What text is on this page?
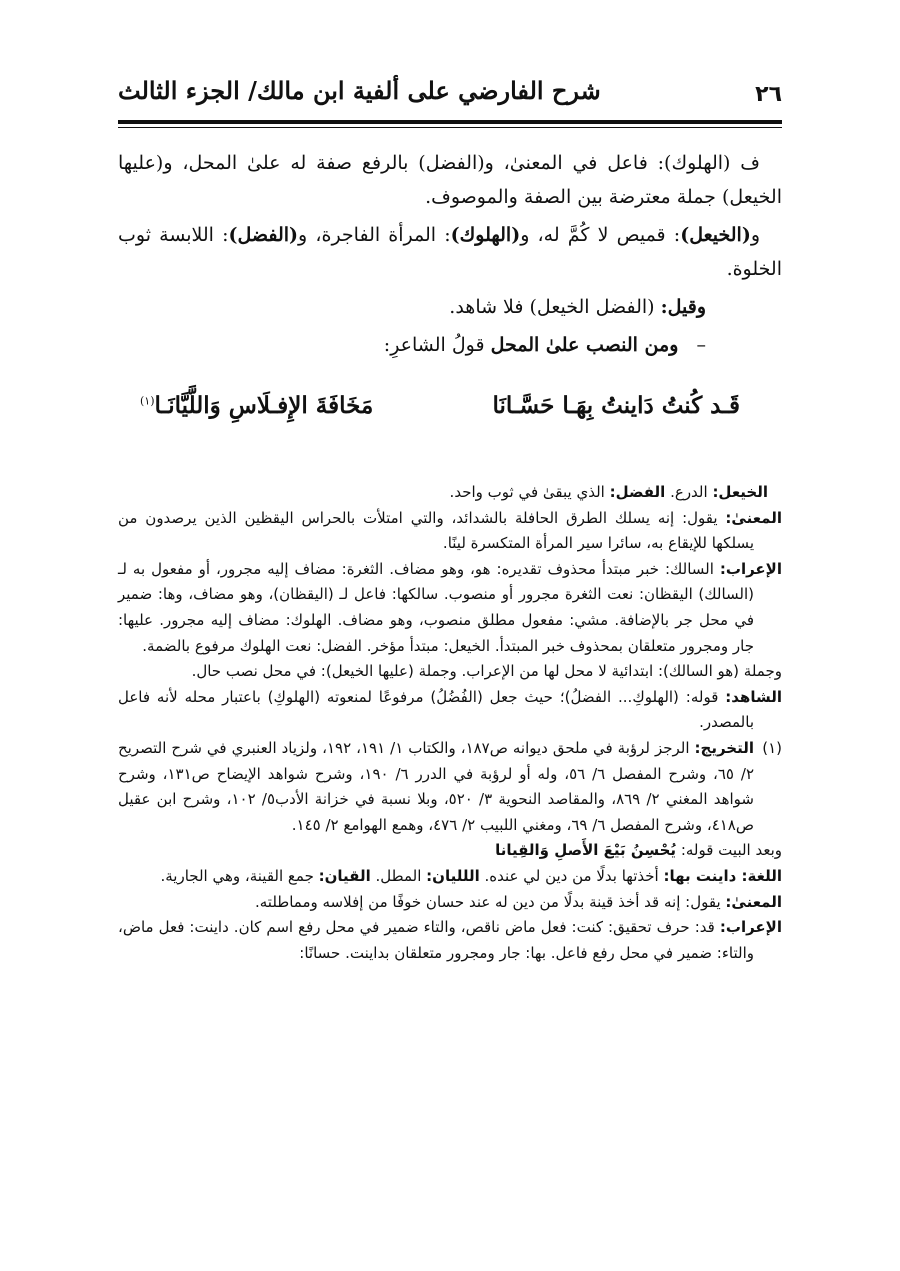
٢٦
شرح الفارضي على ألفية ابن مالك/ الجزء الثالث

ف (الهلوك): فاعل في المعنىٰ، و(الفضل) بالرفع صفة له علىٰ المحل، و(عليها الخيعل) جملة معترضة بين الصفة والموصوف.

و(الخيعل): قميص لا كُمَّ له، و(الهلوك): المرأة الفاجرة، و(الفضل): اللابسة ثوب الخلوة.

وقيل: (الفضل الخيعل) فلا شاهد.

–   ومن النصب علىٰ المحل قولُ الشاعرِ:

قَـد كُنتُ دَاينتُ بِهَـا حَسَّـانَا
مَخَافَةَ الإِفـلَاسِ وَاللَّيَّانَـا$^{(١)}$

الخيعل: الدرع. الفضل: الذي يبقىٰ في ثوب واحد.

المعنىٰ: يقول: إنه يسلك الطرق الحافلة بالشدائد، والتي امتلأت بالحراس اليقظين الذين يرصدون من يسلكها للإيقاع به، سائرا سير المرأة المتكسرة لينًا.

الإعراب: السالك: خبر مبتدأ محذوف تقديره: هو، وهو مضاف. الثغرة: مضاف إليه مجرور، أو مفعول به لـ (السالك) اليقظان: نعت الثغرة مجرور أو منصوب. سالكها: فاعل لـ (اليقظان)، وهو مضاف، وها: ضمير في محل جر بالإضافة. مشي: مفعول مطلق منصوب، وهو مضاف. الهلوك: مضاف إليه مجرور. عليها: جار ومجرور متعلقان بمحذوف خبر المبتدأ. الخيعل: مبتدأ مؤخر. الفضل: نعت الهلوك مرفوع بالضمة.

وجملة (هو السالك): ابتدائية لا محل لها من الإعراب. وجملة (عليها الخيعل): في محل نصب حال.

الشاهد: قوله: (الهلوكِ... الفضلُ)؛ حيث جعل (الفُضُلُ) مرفوعًا لمنعوته (الهلوكِ) باعتبار محله لأنه فاعل بالمصدر.

(١)التخريج: الرجز لرؤبة في ملحق ديوانه ص١٨٧، والكتاب ١/ ١٩١، ١٩٢، ولزياد العنبري في شرح التصريح ٢/ ٦٥، وشرح المفصل ٦/ ٥٦، وله أو لرؤبة في الدرر ٦/ ١٩٠، وشرح شواهد الإيضاح ص١٣١، وشرح شواهد المغني ٢/ ٨٦٩، والمقاصد النحوية ٣/ ٥٢٠، وبلا نسبة في خزانة الأدب٥/ ١٠٢، وشرح ابن عقيل ص٤١٨، وشرح المفصل ٦/ ٦٩، ومغني اللبيب ٢/ ٤٧٦، وهمع الهوامع ٢/ ١٤٥.

وبعد البيت قوله: يُحْسِنُ بَيْعَ الأَصلِ وَالقِيانا

اللغة: داينت بها: أخذتها بدلًا من دين لي عنده. اللليان: المطل. القيان: جمع القينة، وهي الجارية.

المعنىٰ: يقول: إنه قد أخذ قينة بدلًا من دين له عند حسان خوفًا من إفلاسه ومماطلته.

الإعراب: قد: حرف تحقيق: كنت: فعل ماض ناقص، والتاء ضمير في محل رفع اسم كان. داينت: فعل ماض، والتاء: ضمير في محل رفع فاعل. بها: جار ومجرور متعلقان بداينت. حسانًا:
